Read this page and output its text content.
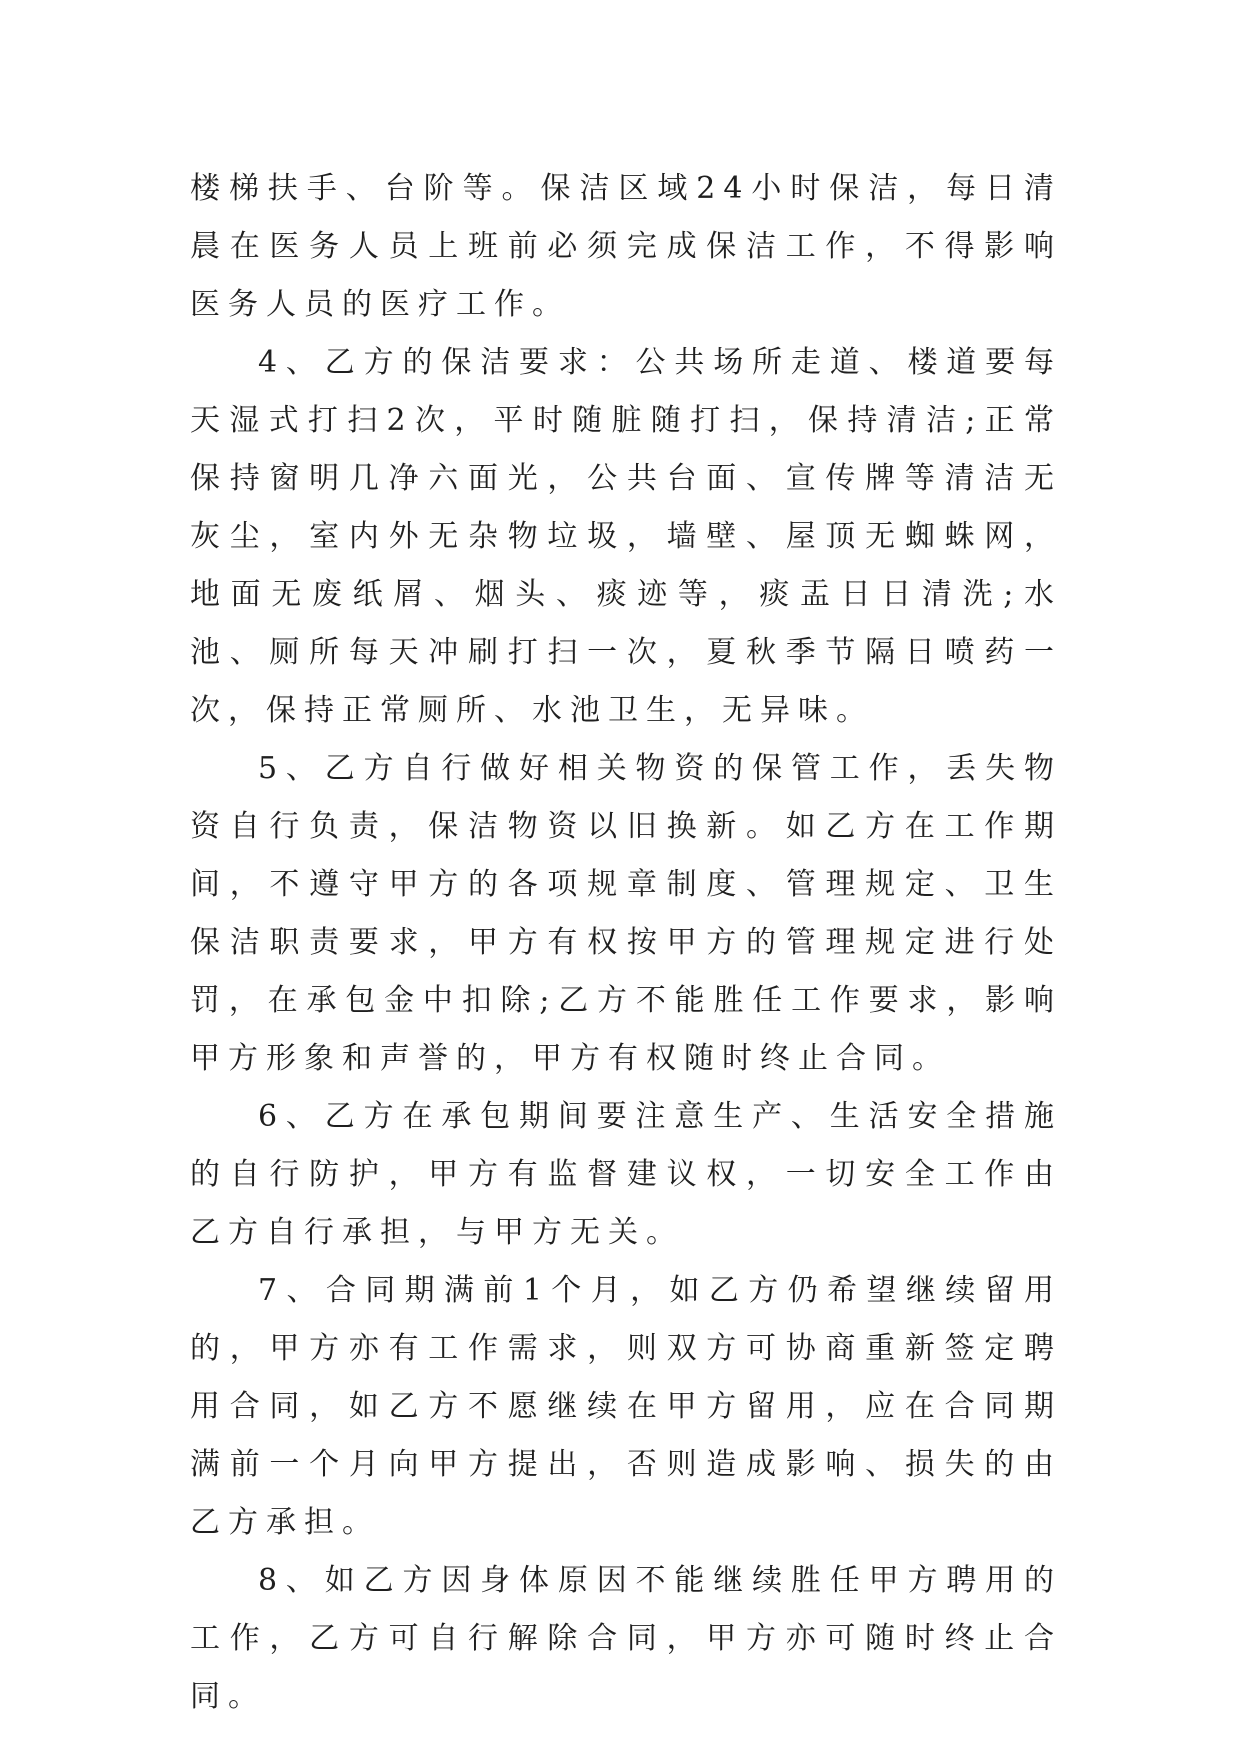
楼梯扶手、台阶等。保洁区域24小时保洁，每日清晨在医务人员上班前必须完成保洁工作，不得影响医务人员的医疗工作。

4、乙方的保洁要求：公共场所走道、楼道要每天湿式打扫2次，平时随脏随打扫，保持清洁;正常保持窗明几净六面光，公共台面、宣传牌等清洁无灰尘，室内外无杂物垃圾，墙壁、屋顶无蜘蛛网，地面无废纸屑、烟头、痰迹等，痰盂日日清洗;水池、厕所每天冲刷打扫一次，夏秋季节隔日喷药一次，保持正常厕所、水池卫生，无异味。

5、乙方自行做好相关物资的保管工作，丢失物资自行负责，保洁物资以旧换新。如乙方在工作期间，不遵守甲方的各项规章制度、管理规定、卫生保洁职责要求，甲方有权按甲方的管理规定进行处罚，在承包金中扣除;乙方不能胜任工作要求，影响甲方形象和声誉的，甲方有权随时终止合同。

6、乙方在承包期间要注意生产、生活安全措施的自行防护，甲方有监督建议权，一切安全工作由乙方自行承担，与甲方无关。

7、合同期满前1个月，如乙方仍希望继续留用的，甲方亦有工作需求，则双方可协商重新签定聘用合同，如乙方不愿继续在甲方留用，应在合同期满前一个月向甲方提出，否则造成影响、损失的由乙方承担。

8、如乙方因身体原因不能继续胜任甲方聘用的工作，乙方可自行解除合同，甲方亦可随时终止合同。
